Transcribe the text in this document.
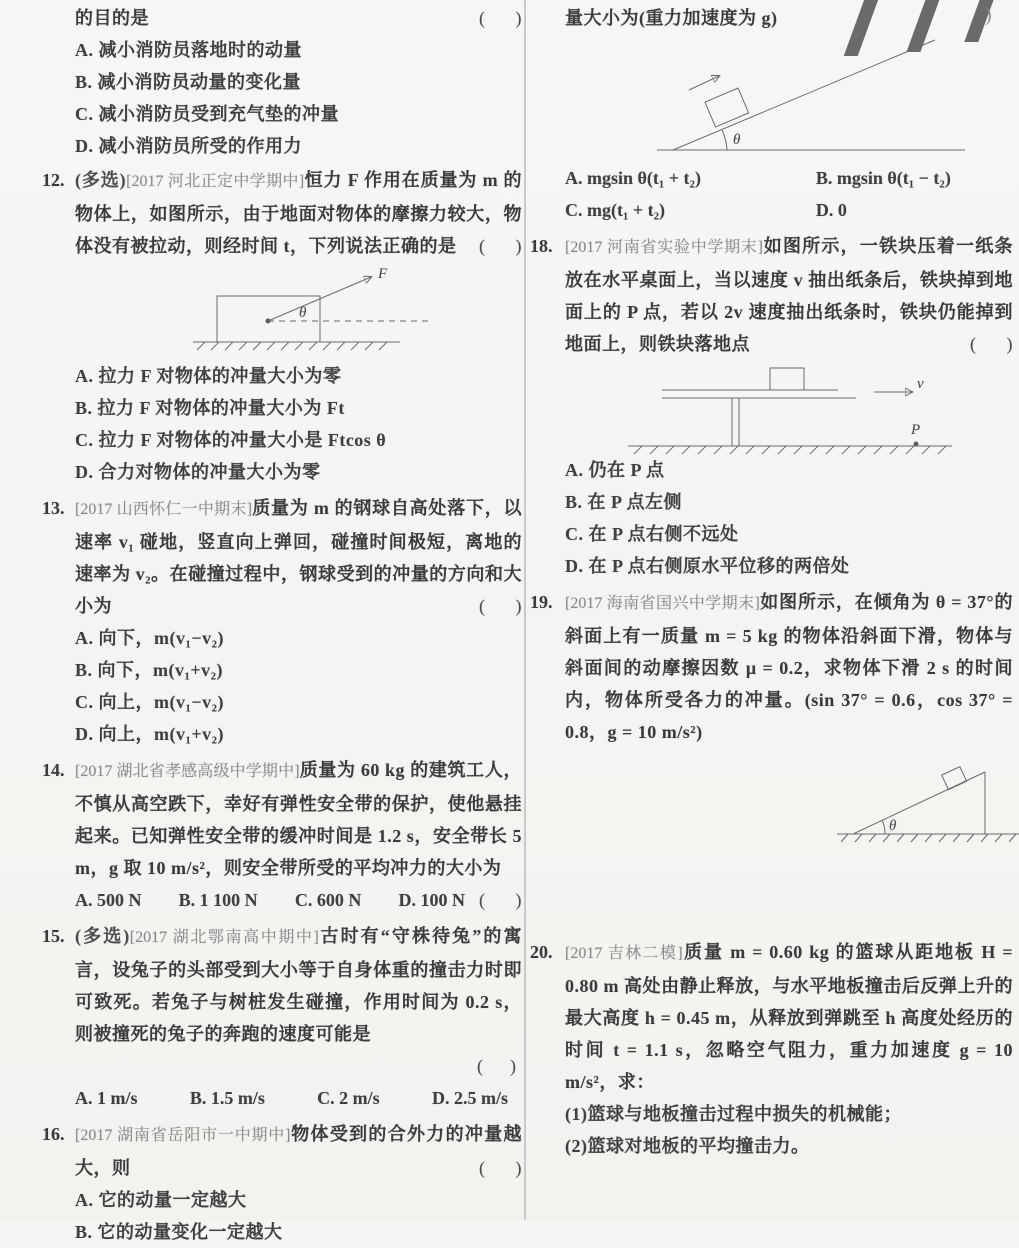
的目的是	(      )

A. 减小消防员落地时的动量
B. 减小消防员动量的变化量
C. 减小消防员受到充气垫的冲量
D. 减小消防员所受的作用力
12. (多选)[2017 河北正定中学期中]恒力 F 作用在质量为 m 的物体上，如图所示，由于地面对物体的摩擦力较大，物体没有被拉动，则经时间 t，下列说法正确的是 (      )

F
θ
A. 拉力 F 对物体的冲量大小为零
B. 拉力 F 对物体的冲量大小为 Ft
C. 拉力 F 对物体的冲量大小是 Ftcos θ
D. 合力对物体的冲量大小为零
13. [2017 山西怀仁一中期末]质量为 m 的钢球自高处落下，以速率 v₁ 碰地，竖直向上弹回，碰撞时间极短，离地的速率为 v₂。在碰撞过程中，钢球受到的冲量的方向和大小为	(      )

A. 向下，m(v₁−v₂)
B. 向下，m(v₁+v₂)
C. 向上，m(v₁−v₂)
D. 向上，m(v₁+v₂)
14. [2017 湖北省孝感高级中学期中]质量为 60 kg 的建筑工人，不慎从高空跌下，幸好有弹性安全带的保护，使他悬挂起来。已知弹性安全带的缓冲时间是 1.2 s，安全带长 5 m，g 取 10 m/s²，则安全带所受的平均冲力的大小为
(      )

A. 500 N B. 1 100 N C. 600 N D. 100 N
15. (多选)[2017 湖北鄂南高中期中]古时有“守株待兔”的寓言，设兔子的头部受到大小等于自身体重的撞击力时即可致死。若兔子与树桩发生碰撞，作用时间为 0.2 s，则被撞死的兔子的奔跑的速度可能是

(      )
A. 1 m/s	B. 1.5 m/s	C. 2 m/s	D. 2.5 m/s
16. [2017 湖南省岳阳市一中期中]物体受到的合外力的冲量越大，则	(      )

A. 它的动量一定越大
B. 它的动量变化一定越大

量大小为(重力加速度为 g)

θ
A. mgsin θ(t₁ + t₂)	B. mgsin θ(t₁ − t₂)
C. mg(t₁ + t₂)	D. 0
18. [2017 河南省实验中学期末]如图所示，一铁块压着一纸条放在水平桌面上，当以速度 v 抽出纸条后，铁块掉到地面上的 P 点，若以 2v 速度抽出纸条时，铁块仍能掉到地面上，则铁块落地点	(      )

v
P
A. 仍在 P 点
B. 在 P 点左侧
C. 在 P 点右侧不远处
D. 在 P 点右侧原水平位移的两倍处
19. [2017 海南省国兴中学期末]如图所示，在倾角为 θ = 37°的斜面上有一质量 m = 5 kg 的物体沿斜面下滑，物体与斜面间的动摩擦因数 μ = 0.2，求物体下滑 2 s 的时间内，物体所受各力的冲量。(sin 37° = 0.6，cos 37° = 0.8，g = 10 m/s²)

θ
20. [2017 吉林二模]质量 m = 0.60 kg 的篮球从距地板 H = 0.80 m 高处由静止释放，与水平地板撞击后反弹上升的最大高度 h = 0.45 m，从释放到弹跳至 h 高度处经历的时间 t = 1.1 s，忽略空气阻力，重力加速度 g = 10 m/s²，求：

(1)篮球与地板撞击过程中损失的机械能；
(2)篮球对地板的平均撞击力。
)
